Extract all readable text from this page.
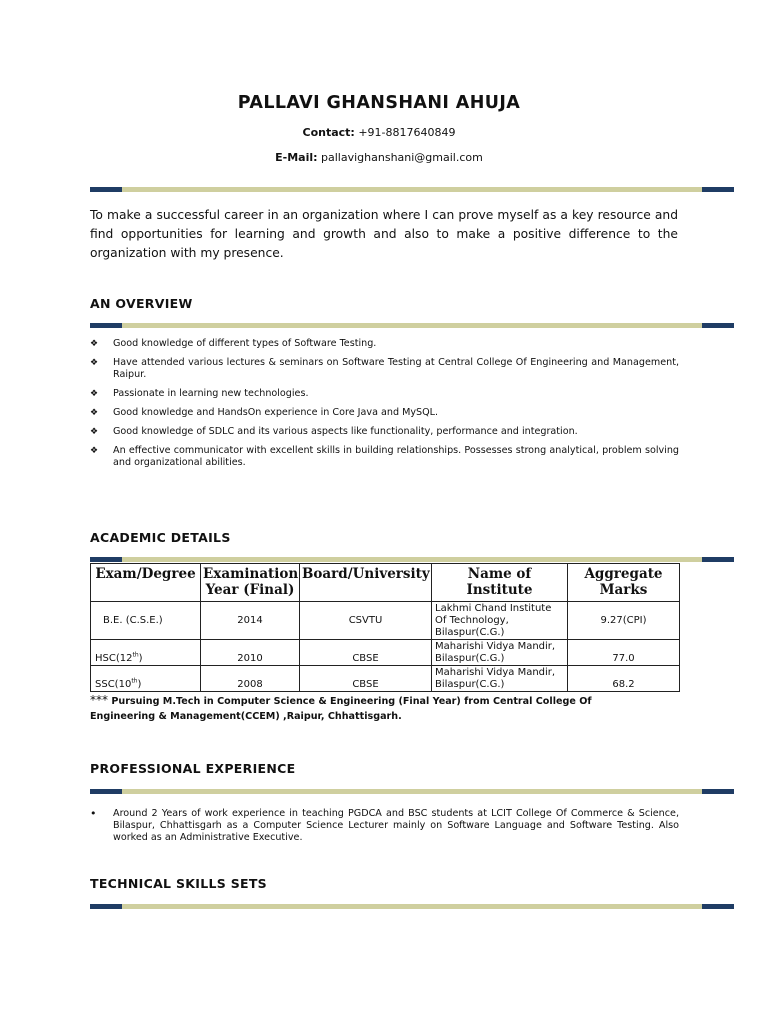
PALLAVI GHANSHANI AHUJA
Contact: +91-8817640849
E-Mail: pallavighanshani@gmail.com
To make a successful career in an organization where I can prove myself as a key resource and find opportunities for learning and growth and also to make a positive difference to the organization with my presence.
AN OVERVIEW
❖ Good knowledge of different types of Software Testing.
❖ Have attended various lectures & seminars on Software Testing at Central College Of Engineering and Management, Raipur.
❖ Passionate in learning new technologies.
❖ Good knowledge and HandsOn experience in Core Java and MySQL.
❖ Good knowledge of SDLC and its various aspects like functionality, performance and integration.
❖ An effective communicator with excellent skills in building relationships. Possesses strong analytical, problem solving and organizational abilities.
ACADEMIC DETAILS
Exam/Degree	Examination Year (Final)	Board/University	Name of Institute	Aggregate Marks
B.E. (C.S.E.)	2014	CSVTU	Lakhmi Chand Institute Of Technology, Bilaspur(C.G.)	9.27(CPI)
HSC(12th)	2010	CBSE	Maharishi Vidya Mandir, Bilaspur(C.G.)	77.0
SSC(10th)	2008	CBSE	Maharishi Vidya Mandir, Bilaspur(C.G.)	68.2
*** Pursuing M.Tech in Computer Science & Engineering (Final Year) from Central College Of Engineering & Management(CCEM) ,Raipur, Chhattisgarh.
PROFESSIONAL EXPERIENCE
• Around 2 Years of work experience in teaching PGDCA and BSC students at LCIT College Of Commerce & Science, Bilaspur, Chhattisgarh as a Computer Science Lecturer mainly on Software Language and Software Testing. Also worked as an Administrative Executive.
TECHNICAL SKILLS SETS
